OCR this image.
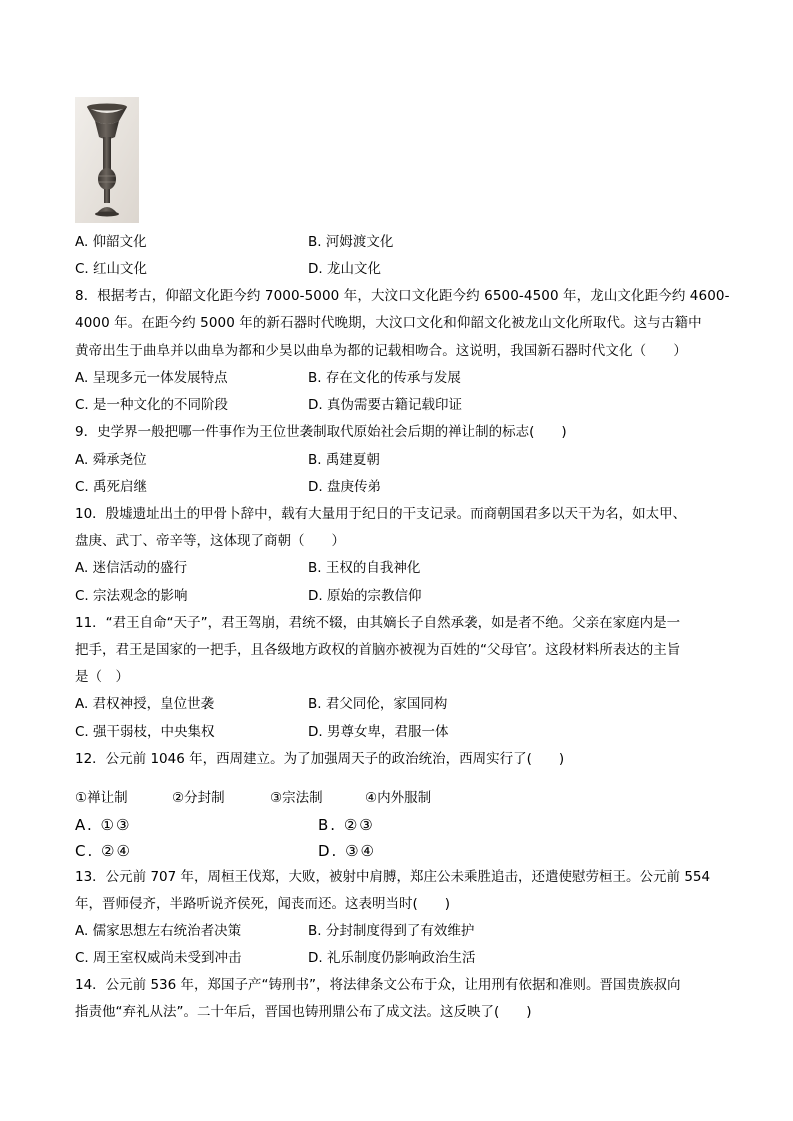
A. 仰韶文化	B. 河姆渡文化
C. 红山文化	D. 龙山文化
8．根据考古，仰韶文化距今约 7000-5000 年，大汶口文化距今约 6500-4500 年，龙山文化距今约 4600-
4000 年。在距今约 5000 年的新石器时代晚期，大汶口文化和仰韶文化被龙山文化所取代。这与古籍中
黄帝出生于曲阜并以曲阜为都和少昊以曲阜为都的记载相吻合。这说明，我国新石器时代文化（　　）
A. 呈现多元一体发展特点	B. 存在文化的传承与发展
C. 是一种文化的不同阶段	D. 真伪需要古籍记载印证
9．史学界一般把哪一件事作为王位世袭制取代原始社会后期的禅让制的标志(　　)
A. 舜承尧位	B. 禹建夏朝
C. 禹死启继	D. 盘庚传弟
10．殷墟遗址出土的甲骨卜辞中，载有大量用于纪日的干支记录。而商朝国君多以天干为名，如太甲、
盘庚、武丁、帝辛等，这体现了商朝（　　）
A. 迷信活动的盛行	B. 王权的自我神化
C. 宗法观念的影响	D. 原始的宗教信仰
11．“君王自命“天子”，君王驾崩，君统不辍，由其嫡长子自然承袭，如是者不绝。父亲在家庭内是一
把手，君王是国家的一把手，且各级地方政权的首脑亦被视为百姓的“父母官’。这段材料所表达的主旨
是（　）
A. 君权神授，皇位世袭	B. 君父同伦，家国同构
C. 强干弱枝，中央集权	D. 男尊女卑，君服一体
12．公元前 1046 年，西周建立。为了加强周天子的政治统治，西周实行了(　　)
①禅让制	②分封制	③宗法制	④内外服制
A. ①③	B. ②③
C. ②④	D. ③④
13．公元前 707 年，周桓王伐郑，大败，被射中肩膊，郑庄公未乘胜追击，还遣使慰劳桓王。公元前 554
年，晋师侵齐，半路听说齐侯死，闻丧而还。这表明当时(　　)
A. 儒家思想左右统治者决策	B. 分封制度得到了有效维护
C. 周王室权威尚未受到冲击	D. 礼乐制度仍影响政治生活
14．公元前 536 年，郑国子产“铸刑书”，将法律条文公布于众，让用刑有依据和准则。晋国贵族叔向
指责他“弃礼从法”。二十年后，晋国也铸刑鼎公布了成文法。这反映了(　　)
